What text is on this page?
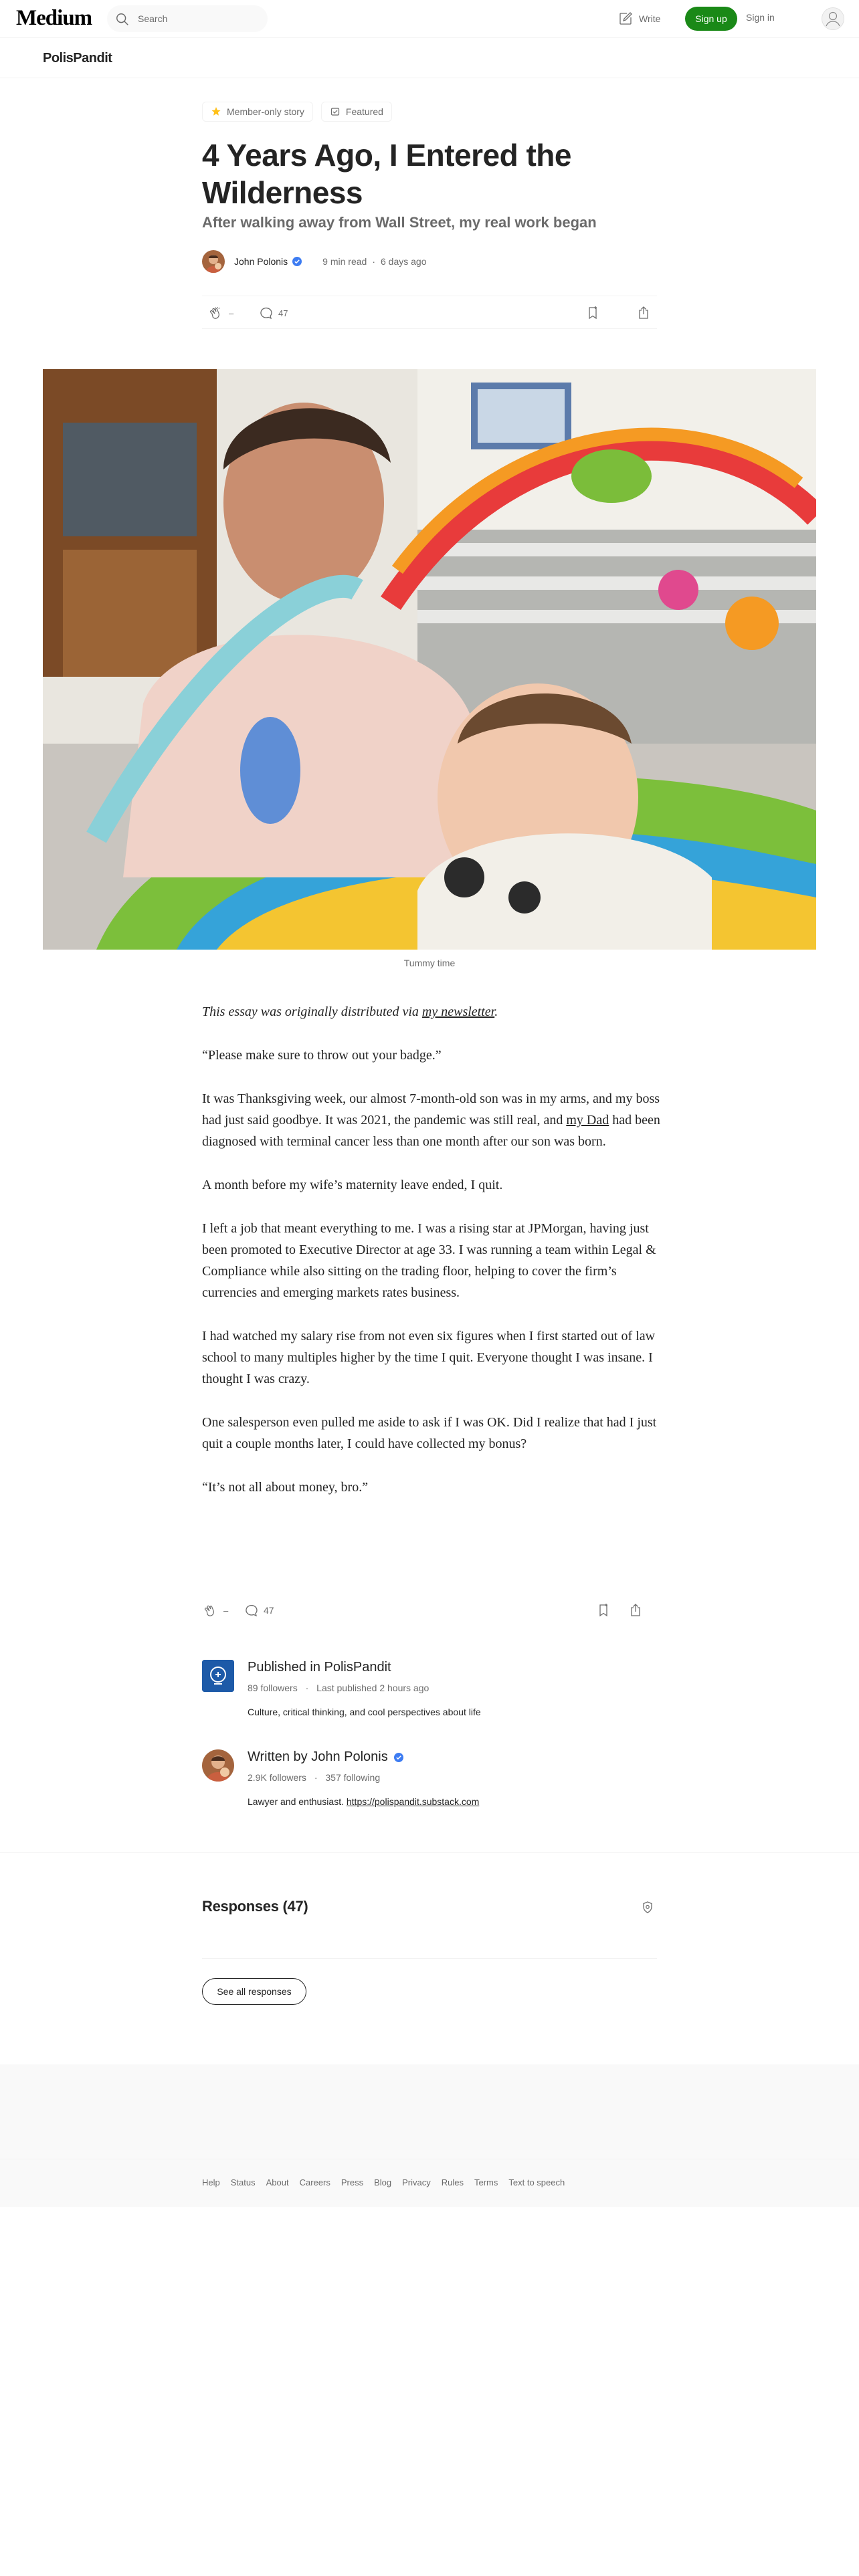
Medium
Search	Write	Sign up	Sign in
PolisPandit
Member-only story	Featured
4 Years Ago, I Entered the Wilderness
After walking away from Wall Street, my real work began
John Polonis	9 min read · 6 days ago
–	47
Tummy time

This essay was originally distributed via my newsletter.

“Please make sure to throw out your badge.”

It was Thanksgiving week, our almost 7-month-old son was in my arms, and my boss had just said goodbye. It was 2021, the pandemic was still real, and my Dad had been diagnosed with terminal cancer less than one month after our son was born.

A month before my wife’s maternity leave ended, I quit.

I left a job that meant everything to me. I was a rising star at JPMorgan, having just been promoted to Executive Director at age 33. I was running a team within Legal & Compliance while also sitting on the trading floor, helping to cover the firm’s currencies and emerging markets rates business.

I had watched my salary rise from not even six figures when I first started out of law school to many multiples higher by the time I quit. Everyone thought I was insane. I thought I was crazy.

One salesperson even pulled me aside to ask if I was OK. Did I realize that had I just quit a couple months later, I could have collected my bonus?

“It’s not all about money, bro.”

–	47
Published in PolisPandit
89 followers · Last published 2 hours ago
Culture, critical thinking, and cool perspectives about life
Written by John Polonis
2.9K followers · 357 following
Lawyer and enthusiast. https://polispandit.substack.com
Responses (47)
See all responses
Help Status About Careers Press Blog Privacy Rules Terms Text to speech
